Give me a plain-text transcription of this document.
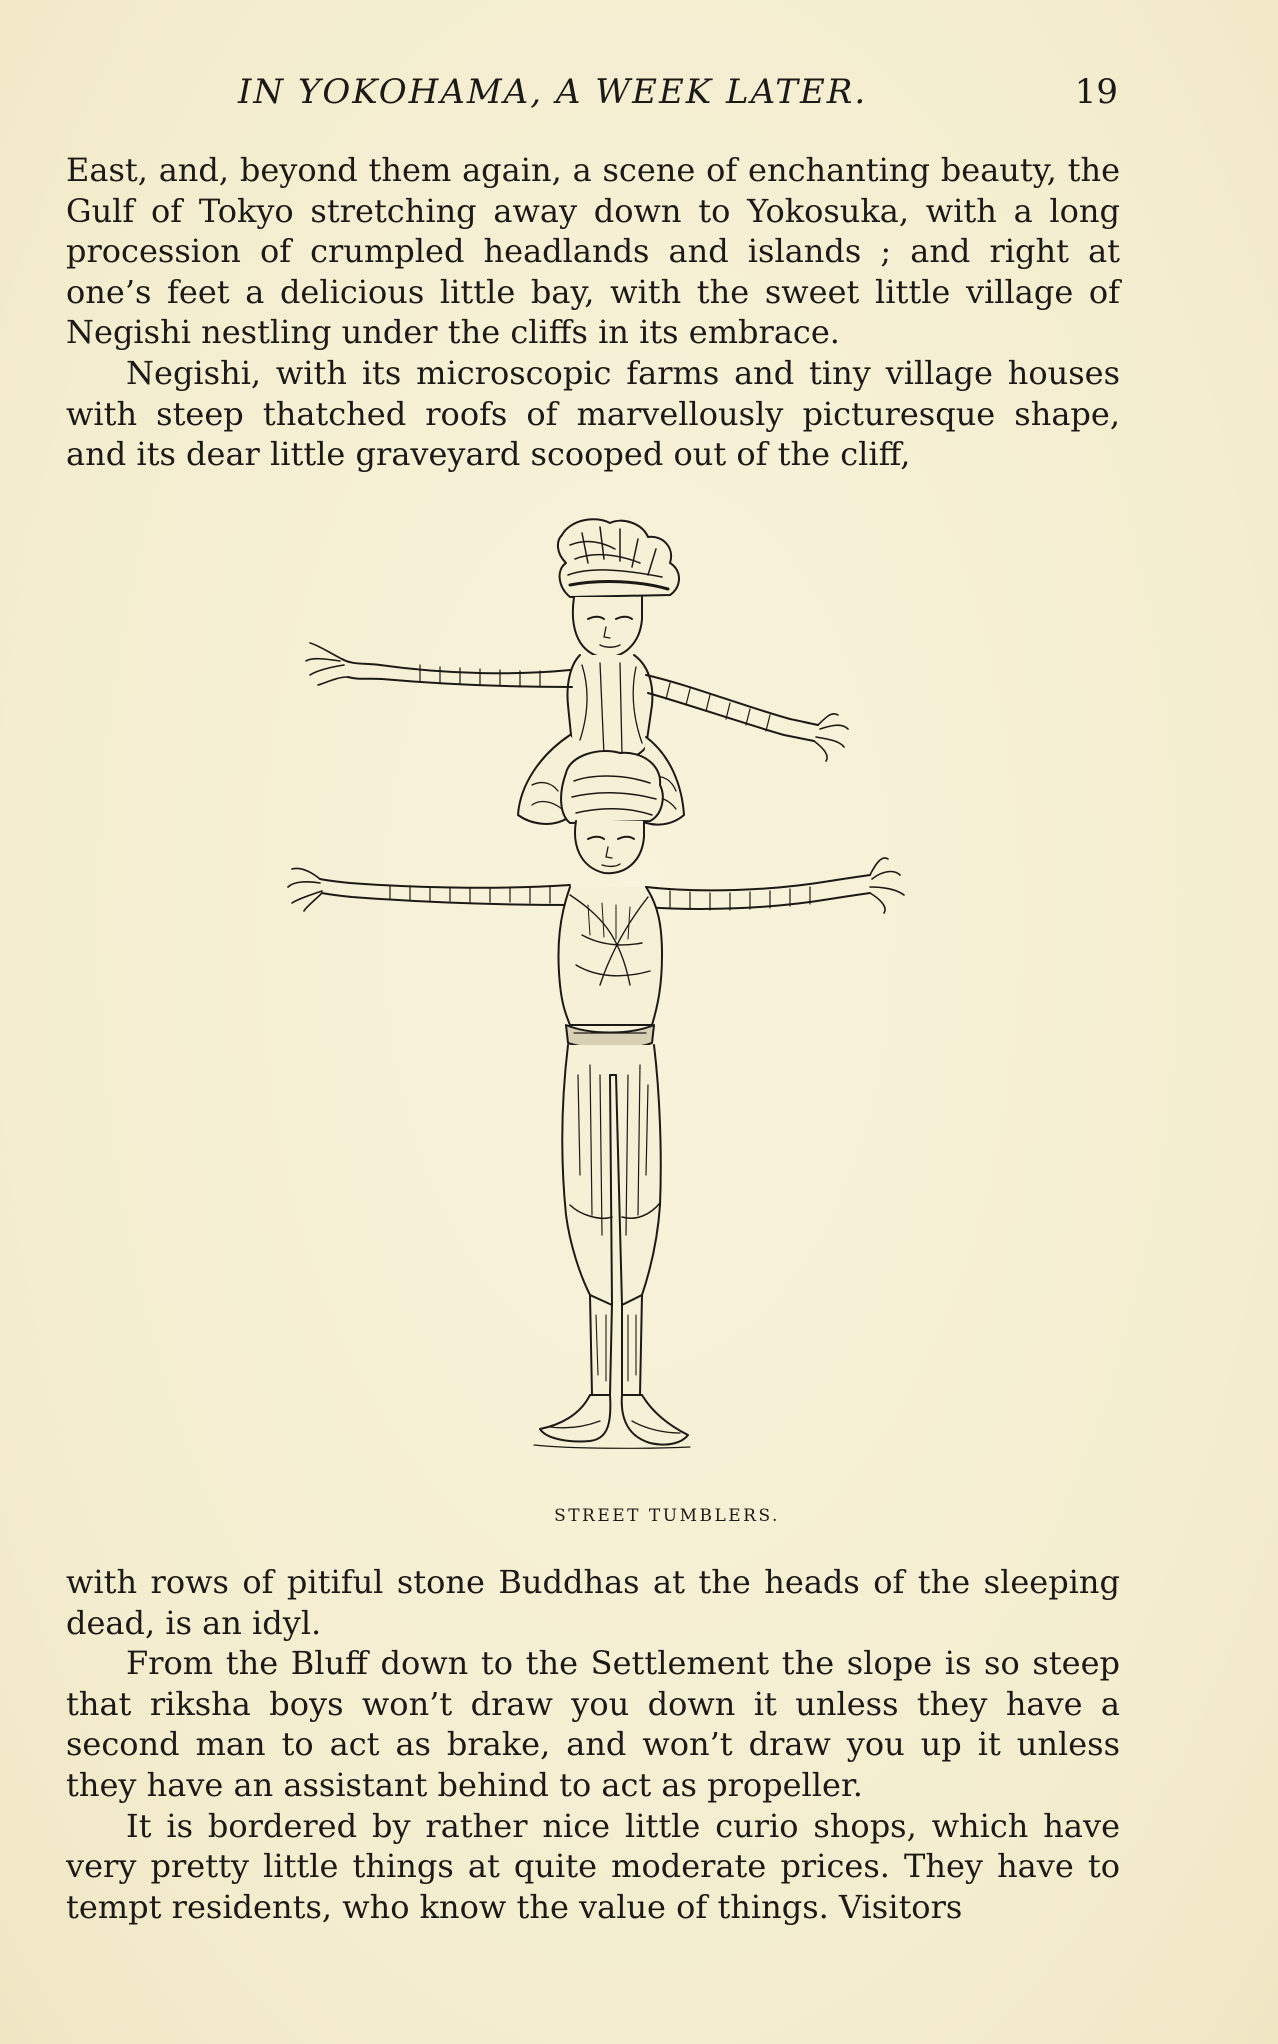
IN YOKOHAMA, A WEEK LATER.	19

East, and, beyond them again, a scene of enchanting beauty, the Gulf of Tokyo stretching away down to Yokosuka, with a long procession of crumpled headlands and islands ; and right at one’s feet a delicious little bay, with the sweet little village of Negishi nestling under the cliffs in its embrace.

Negishi, with its microscopic farms and tiny village houses with steep thatched roofs of marvellously picturesque shape, and its dear little graveyard scooped out of the cliff,

STREET TUMBLERS.

with rows of pitiful stone Buddhas at the heads of the sleeping dead, is an idyl.

From the Bluff down to the Settlement the slope is so steep that riksha boys won’t draw you down it unless they have a second man to act as brake, and won’t draw you up it unless they have an assistant behind to act as propeller.

It is bordered by rather nice little curio shops, which have very pretty little things at quite moderate prices. They have to tempt residents, who know the value of things. Visitors
